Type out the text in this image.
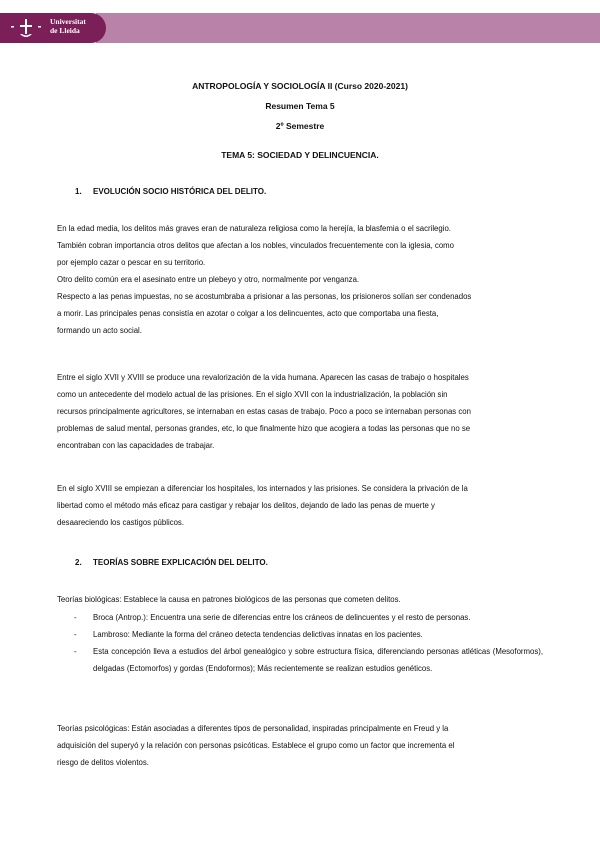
Universitat
de Lleida
ANTROPOLOGÍA Y SOCIOLOGÍA II (Curso 2020-2021)
Resumen Tema 5
2º Semestre
TEMA 5: SOCIEDAD Y DELINCUENCIA.
1. EVOLUCIÓN SOCIO HISTÓRICA DEL DELITO.
En la edad media, los delitos más graves eran de naturaleza religiosa como la herejía, la blasfemia o el sacrilegio.
También cobran importancia otros delitos que afectan a los nobles, vinculados frecuentemente con la iglesia, como
por ejemplo cazar o pescar en su territorio.
Otro delito común era el asesinato entre un plebeyo y otro, normalmente por venganza.
Respecto a las penas impuestas, no se acostumbraba a prisionar a las personas, los prisioneros solían ser condenados
a morir. Las principales penas consistía en azotar o colgar a los delincuentes, acto que comportaba una fiesta,
formando un acto social.
Entre el siglo XVII y XVIII se produce una revalorización de la vida humana. Aparecen las casas de trabajo o hospitales
como un antecedente del modelo actual de las prisiones. En el siglo XVII con la industrialización, la población sin
recursos principalmente agricultores, se internaban en estas casas de trabajo. Poco a poco se internaban personas con
problemas de salud mental, personas grandes, etc, lo que finalmente hizo que acogiera a todas las personas que no se
encontraban con las capacidades de trabajar.
En el siglo XVIII se empiezan a diferenciar los hospitales, los internados y las prisiones. Se considera la privación de la
libertad como el método más eficaz para castigar y rebajar los delitos, dejando de lado las penas de muerte y
desaareciendo los castigos públicos.
2. TEORÍAS SOBRE EXPLICACIÓN DEL DELITO.
Teorías biológicas: Establece la causa en patrones biológicos de las personas que cometen delitos.
- Broca (Antrop.): Encuentra una serie de diferencias entre los cráneos de delincuentes y el resto de personas.
- Lambroso: Mediante la forma del cráneo detecta tendencias delictivas innatas en los pacientes.
- Esta concepción lleva a estudios del árbol genealógico y sobre estructura física, diferenciando personas atléticas (Mesoformos), delgadas (Ectomorfos) y gordas (Endoformos); Más recientemente se realizan estudios genéticos.
Teorías psicológicas: Están asociadas a diferentes tipos de personalidad, inspiradas principalmente en Freud y la
adquisición del superyó y la relación con personas psicóticas. Establece el grupo como un factor que incrementa el
riesgo de delitos violentos.
